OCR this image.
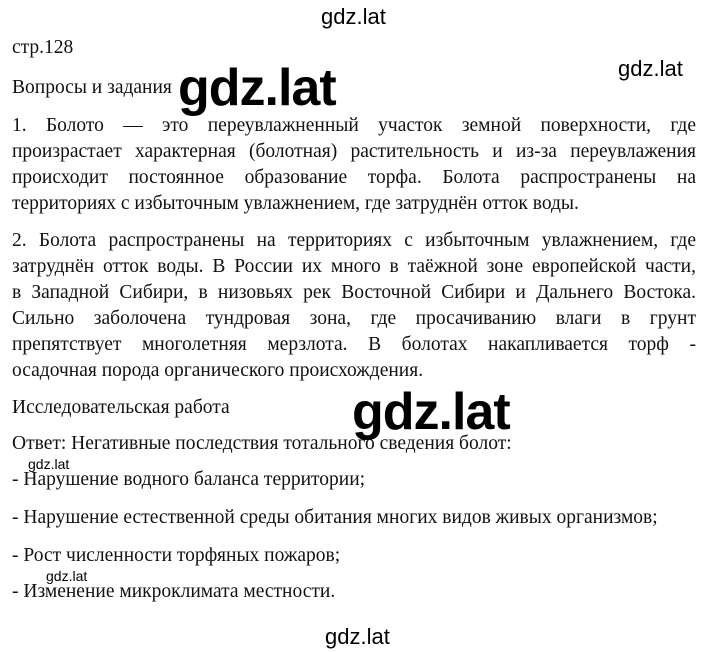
gdz.lat
gdz.lat
gdz.lat
стр.128
Вопросы и задания
1. Болото — это переувлажненный участок земной поверхности, где
произрастает характерная (болотная) растительность и из-за переувлажения
происходит постоянное образование торфа. Болота распространены на
территориях с избыточным увлажнением, где затруднён отток воды.
2. Болота распространены на территориях с избыточным увлажнением, где
затруднён отток воды. В России их много в таёжной зоне европейской части,
в Западной Сибири, в низовьях рек Восточной Сибири и Дальнего Востока.
Сильно заболочена тундровая зона, где просачиванию влаги в грунт
препятствует многолетняя мерзлота. В болотах накапливается торф -
осадочная порода органического происхождения.
Исследовательская работа	gdz.lat
Ответ: Негативные последствия тотального сведения болот:
gdz.lat
- Нарушение водного баланса территории;
- Нарушение естественной среды обитания многих видов живых организмов;
- Рост численности торфяных пожаров;
gdz.lat
- Изменение микроклимата местности.
gdz.lat
